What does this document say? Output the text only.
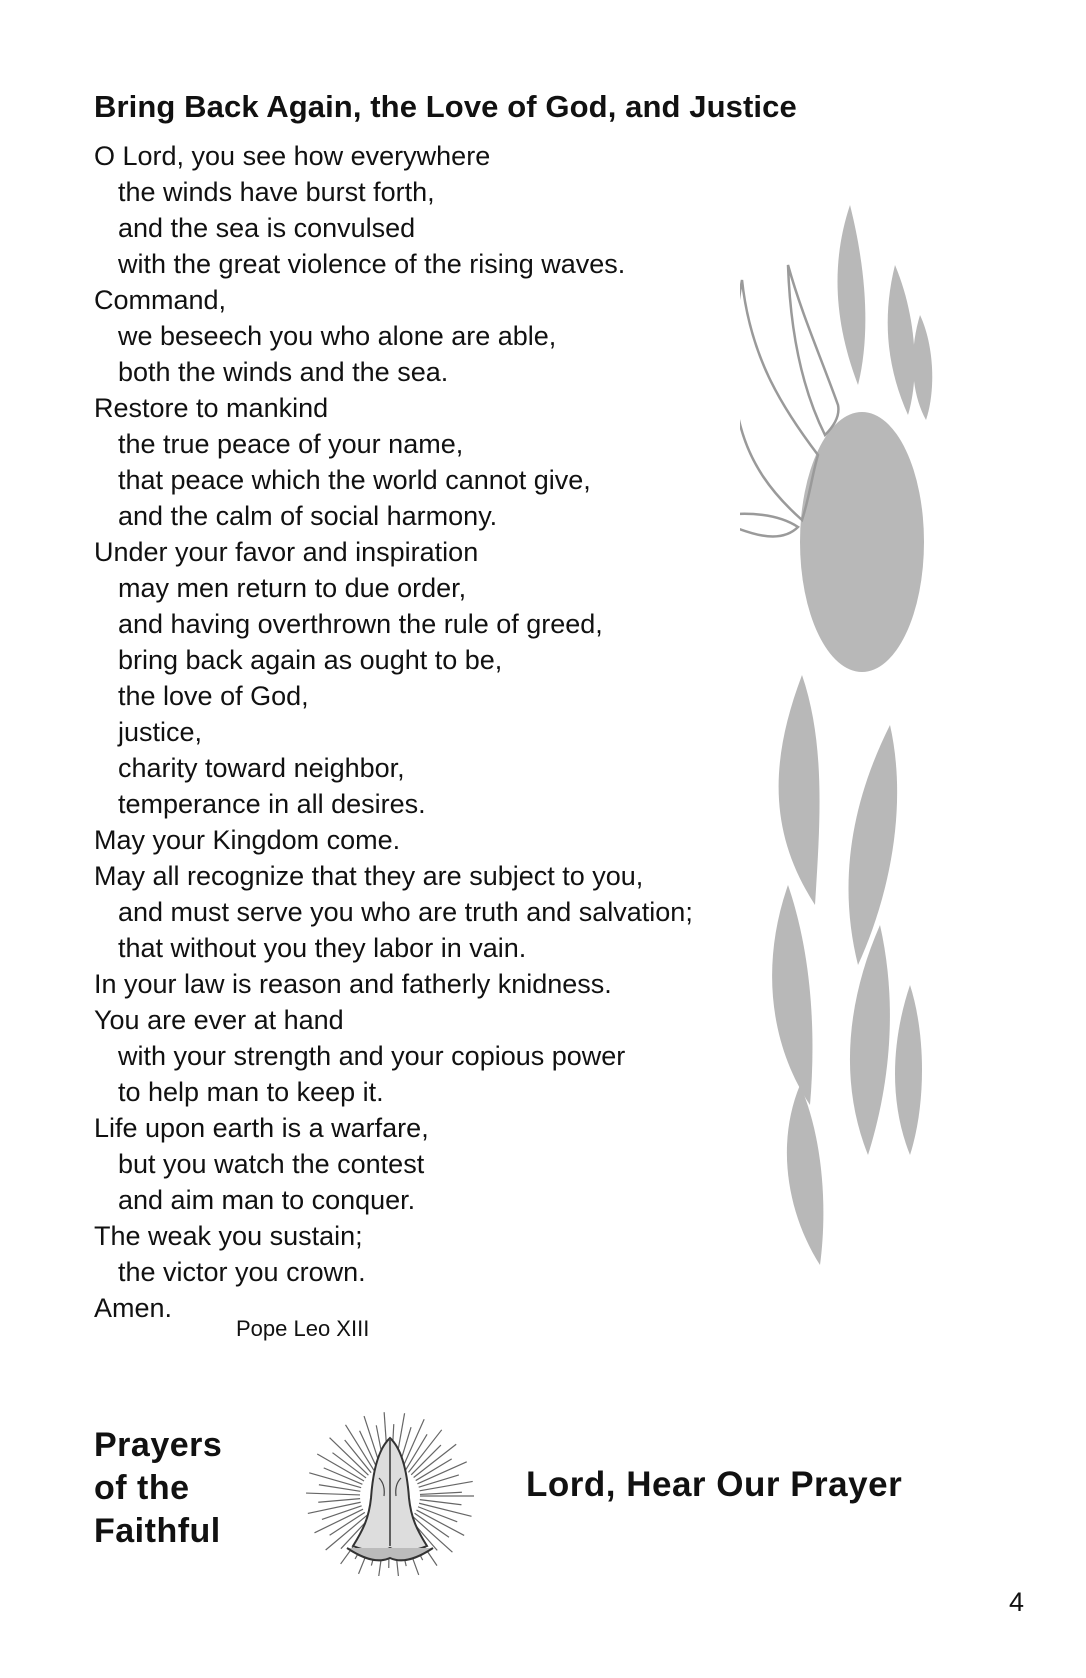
Bring Back Again, the Love of God, and Justice
O Lord, you see how everywhere
the winds have burst forth,
and the sea is convulsed
with the great violence of the rising waves.
Command,
we beseech you who alone are able,
both the winds and the sea.
Restore to mankind
the true peace of your name,
that peace which the world cannot give,
and the calm of social harmony.
Under your favor and inspiration
may men return to due order,
and having overthrown the rule of greed,
bring back again as ought to be,
the love of God,
justice,
charity toward neighbor,
temperance in all desires.
May your Kingdom come.
May all recognize that they are subject to you,
and must serve you who are truth and salvation;
that without you they labor in vain.
In your law is reason and fatherly knidness.
You are ever at hand
with your strength and your copious power
to help man to keep it.
Life upon earth is a warfare,
but you watch the contest
and aim man to conquer.
The weak you sustain;
the victor you crown.
Amen.
Pope Leo XIII
Prayers
of the
Faithful
Lord, Hear Our Prayer
4
